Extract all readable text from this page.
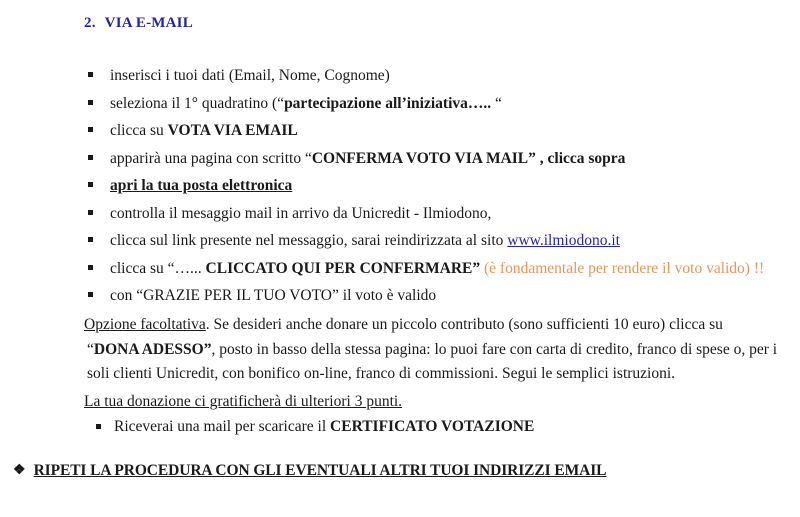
2. VIA E-MAIL
inserisci i tuoi dati (Email, Nome, Cognome)
seleziona il 1° quadratino (“partecipazione all’iniziativa….. “
clicca su VOTA VIA EMAIL
apparirà una pagina con scritto “CONFERMA VOTO VIA MAIL” , clicca sopra
apri la tua posta elettronica
controlla il mesaggio mail in arrivo da Unicredit - Ilmiodono,
clicca sul link presente nel messaggio, sarai reindirizzata al sito www.ilmiodono.it
clicca su “…... CLICCATO QUI PER CONFERMARE” (è fondamentale per rendere il voto valido) !!
con “GRAZIE PER IL TUO VOTO” il voto è valido
Opzione facoltativa. Se desideri anche donare un piccolo contributo (sono sufficienti 10 euro) clicca su
“DONA ADESSO”, posto in basso della stessa pagina: lo puoi fare con carta di credito, franco di spese o, per i
soli clienti Unicredit, con bonifico on-line, franco di commissioni. Segui le semplici istruzioni.
La tua donazione ci gratificherà di ulteriori 3 punti.
Riceverai una mail per scaricare il CERTIFICATO VOTAZIONE
❖ RIPETI LA PROCEDURA CON GLI EVENTUALI ALTRI TUOI INDIRIZZI EMAIL
